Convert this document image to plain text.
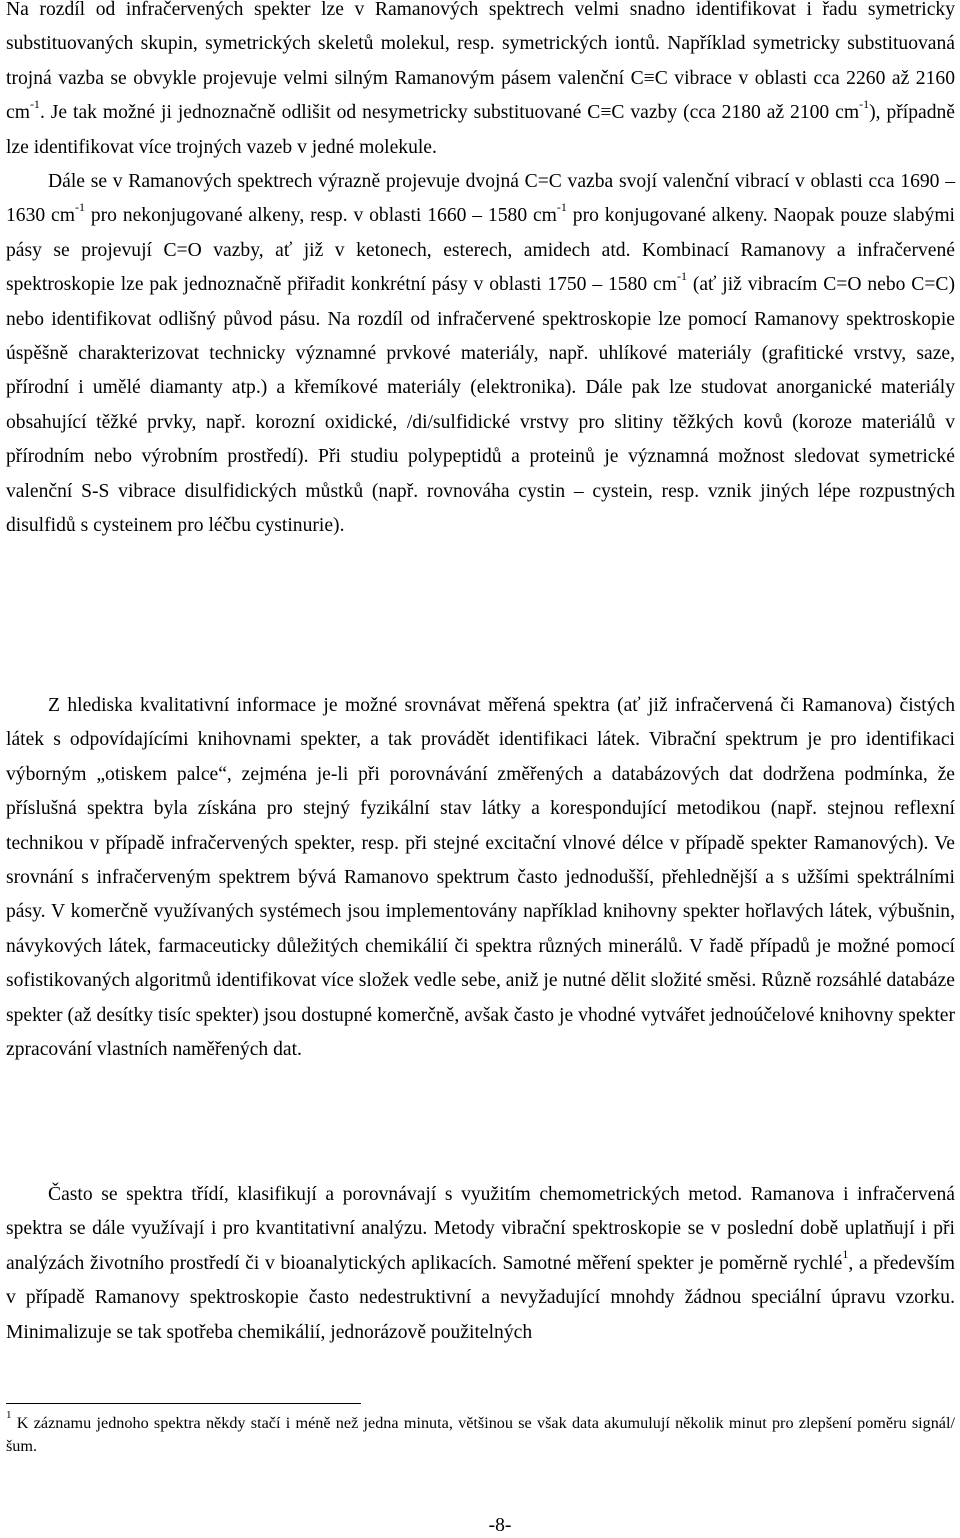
Na rozdíl od infračervených spekter lze v Ramanových spektrech velmi snadno identifikovat i řadu symetricky substituovaných skupin, symetrických skeletů molekul, resp. symetrických iontů. Například symetricky substituovaná trojná vazba se obvykle projevuje velmi silným Ramanovým pásem valenční C≡C vibrace v oblasti cca 2260 až 2160 $cm^{-1}$. Je tak možné ji jednoznačně odlišit od nesymetricky substituované C≡C vazby (cca 2180 až 2100 $cm^{-1}$), případně lze identifikovat více trojných vazeb v jedné molekule.
Dále se v Ramanových spektrech výrazně projevuje dvojná C=C vazba svojí valenční vibrací v oblasti cca 1690 – 1630 $cm^{-1}$ pro nekonjugované alkeny, resp. v oblasti 1660 – 1580 $cm^{-1}$ pro konjugované alkeny. Naopak pouze slabými pásy se projevují C=O vazby, ať již v ketonech, esterech, amidech atd. Kombinací Ramanovy a infračervené spektroskopie lze pak jednoznačně přiřadit konkrétní pásy v oblasti 1750 – 1580 $cm^{-1}$ (ať již vibracím C=O nebo C=C) nebo identifikovat odlišný původ pásu. Na rozdíl od infračervené spektroskopie lze pomocí Ramanovy spektroskopie úspěšně charakterizovat technicky významné prvkové materiály, např. uhlíkové materiály (grafitické vrstvy, saze, přírodní i umělé diamanty atp.) a křemíkové materiály (elektronika). Dále pak lze studovat anorganické materiály obsahující těžké prvky, např. korozní oxidické, /di/sulfidické vrstvy pro slitiny těžkých kovů (koroze materiálů v přírodním nebo výrobním prostředí). Při studiu polypeptidů a proteinů je významná možnost sledovat symetrické valenční S-S vibrace disulfidických můstků (např. rovnováha cystin – cystein, resp. vznik jiných lépe rozpustných disulfidů s cysteinem pro léčbu cystinurie).

Z hlediska kvalitativní informace je možné srovnávat měřená spektra (ať již infračervená či Ramanova) čistých látek s odpovídajícími knihovnami spekter, a tak provádět identifikaci látek. Vibrační spektrum je pro identifikaci výborným „otiskem palce“, zejména je-li při porovnávání změřených a databázových dat dodržena podmínka, že příslušná spektra byla získána pro stejný fyzikální stav látky a korespondující metodikou (např. stejnou reflexní technikou v případě infračervených spekter, resp. při stejné excitační vlnové délce v případě spekter Ramanových). Ve srovnání s infračerveným spektrem bývá Ramanovo spektrum často jednodušší, přehlednější a s užšími spektrálními pásy. V komerčně využívaných systémech jsou implementovány například knihovny spekter hořlavých látek, výbušnin, návykových látek, farmaceuticky důležitých chemikálií či spektra různých minerálů. V řadě případů je možné pomocí sofistikovaných algoritmů identifikovat více složek vedle sebe, aniž je nutné dělit složité směsi. Různě rozsáhlé databáze spekter (až desítky tisíc spekter) jsou dostupné komerčně, avšak často je vhodné vytvářet jednoúčelové knihovny spekter zpracování vlastních naměřených dat.

Často se spektra třídí, klasifikují a porovnávají s využitím chemometrických metod. Ramanova i infračervená spektra se dále využívají i pro kvantitativní analýzu. Metody vibrační spektroskopie se v poslední době uplatňují i při analýzách životního prostředí či v bioanalytických aplikacích. Samotné měření spekter je poměrně rychlé$^1$, a především v případě Ramanovy spektroskopie často nedestruktivní a nevyžadující mnohdy žádnou speciální úpravu vzorku. Minimalizuje se tak spotřeba chemikálií, jednorázově použitelných

$^1$ K záznamu jednoho spektra někdy stačí i méně než jedna minuta, většinou se však data akumulují několik minut pro zlepšení poměru signál/šum.

-8-
